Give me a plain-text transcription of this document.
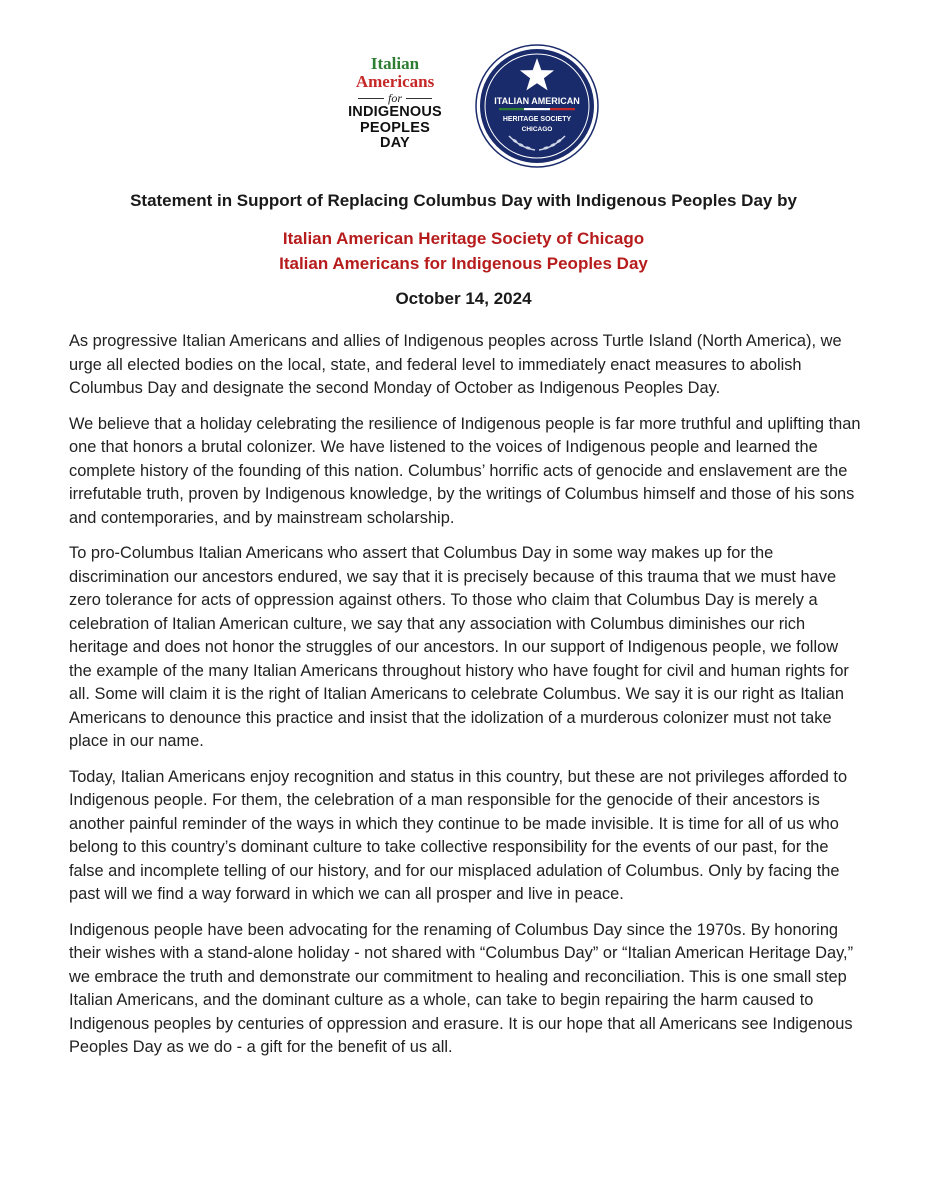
Italian
Americans
for
INDIGENOUS
PEOPLES
DAY
ITALIAN AMERICAN
HERITAGE SOCIETY
CHICAGO
Statement in Support of Replacing Columbus Day with Indigenous Peoples Day by
Italian American Heritage Society of Chicago
Italian Americans for Indigenous Peoples Day
October 14, 2024

As progressive Italian Americans and allies of Indigenous peoples across Turtle Island (North America), we urge all elected bodies on the local, state, and federal level to immediately enact measures to abolish Columbus Day and designate the second Monday of October as Indigenous Peoples Day.

We believe that a holiday celebrating the resilience of Indigenous people is far more truthful and uplifting than one that honors a brutal colonizer. We have listened to the voices of Indigenous people and learned the complete history of the founding of this nation. Columbus’ horrific acts of genocide and enslavement are the irrefutable truth, proven by Indigenous knowledge, by the writings of Columbus himself and those of his sons and contemporaries, and by mainstream scholarship.

To pro-Columbus Italian Americans who assert that Columbus Day in some way makes up for the discrimination our ancestors endured, we say that it is precisely because of this trauma that we must have zero tolerance for acts of oppression against others. To those who claim that Columbus Day is merely a celebration of Italian American culture, we say that any association with Columbus diminishes our rich heritage and does not honor the struggles of our ancestors. In our support of Indigenous people, we follow the example of the many Italian Americans throughout history who have fought for civil and human rights for all. Some will claim it is the right of Italian Americans to celebrate Columbus. We say it is our right as Italian Americans to denounce this practice and insist that the idolization of a murderous colonizer must not take place in our name.

Today, Italian Americans enjoy recognition and status in this country, but these are not privileges afforded to Indigenous people. For them, the celebration of a man responsible for the genocide of their ancestors is another painful reminder of the ways in which they continue to be made invisible. It is time for all of us who belong to this country’s dominant culture to take collective responsibility for the events of our past, for the false and incomplete telling of our history, and for our misplaced adulation of Columbus. Only by facing the past will we find a way forward in which we can all prosper and live in peace.

Indigenous people have been advocating for the renaming of Columbus Day since the 1970s. By honoring their wishes with a stand-alone holiday - not shared with “Columbus Day” or “Italian American Heritage Day,” we embrace the truth and demonstrate our commitment to healing and reconciliation. This is one small step Italian Americans, and the dominant culture as a whole, can take to begin repairing the harm caused to Indigenous peoples by centuries of oppression and erasure. It is our hope that all Americans see Indigenous Peoples Day as we do - a gift for the benefit of us all.
